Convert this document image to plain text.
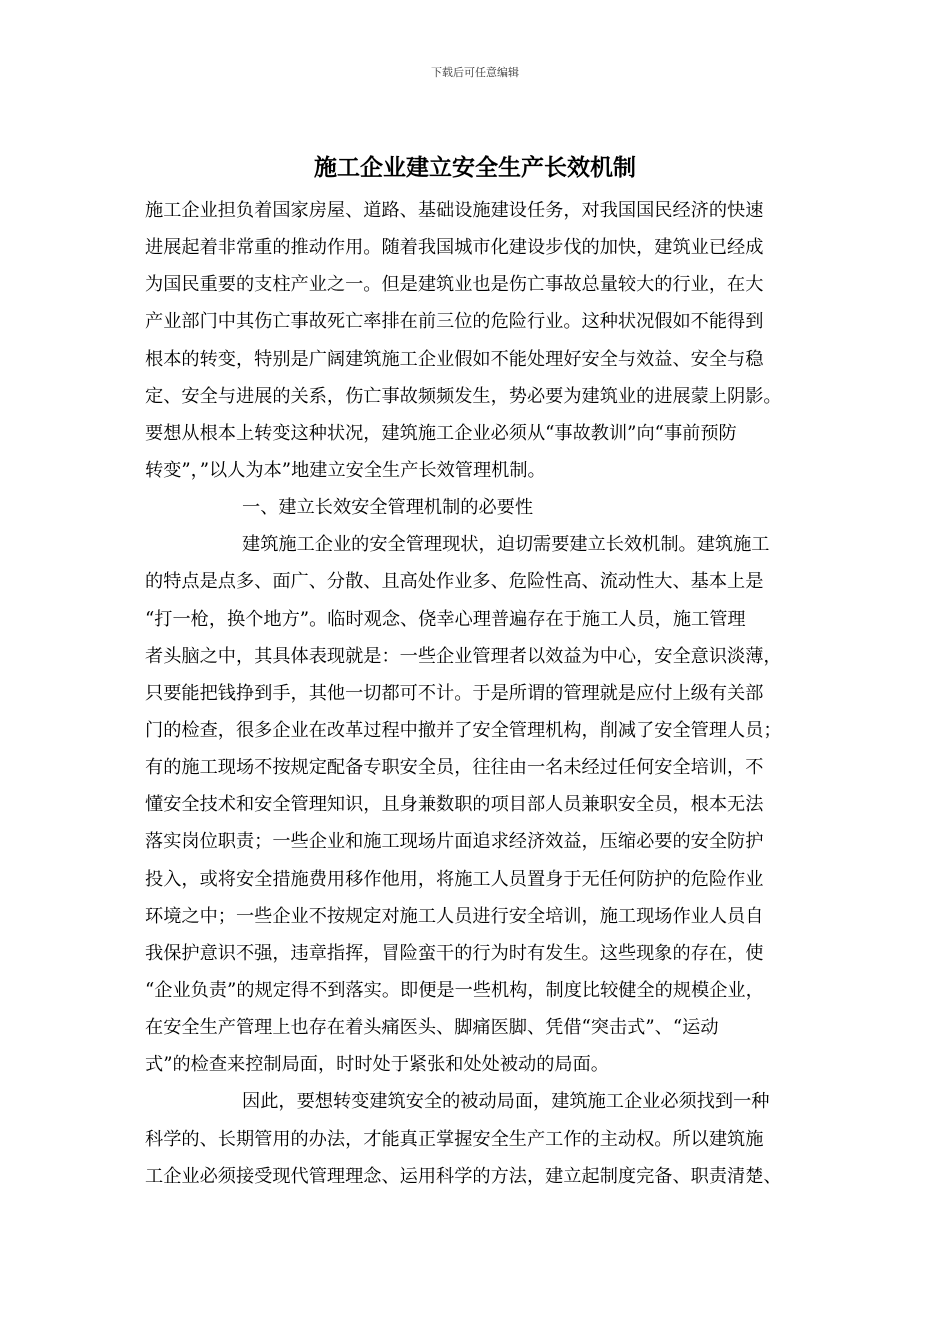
下载后可任意编辑
施工企业建立安全生产长效机制
施工企业担负着国家房屋、道路、基础设施建设任务，对我国国民经济的快速
进展起着非常重的推动作用。随着我国城市化建设步伐的加快，建筑业已经成
为国民重要的支柱产业之一。但是建筑业也是伤亡事故总量较大的行业，在大
产业部门中其伤亡事故死亡率排在前三位的危险行业。这种状况假如不能得到
根本的转变，特别是广阔建筑施工企业假如不能处理好安全与效益、安全与稳
定、安全与进展的关系，伤亡事故频频发生，势必要为建筑业的进展蒙上阴影。
要想从根本上转变这种状况，建筑施工企业必须从“事故教训”向“事前预防
转变”，”以人为本”地建立安全生产长效管理机制。
一、建立长效安全管理机制的必要性
建筑施工企业的安全管理现状，迫切需要建立长效机制。建筑施工
的特点是点多、面广、分散、且高处作业多、危险性高、流动性大、基本上是
“打一枪，换个地方”。临时观念、侥幸心理普遍存在于施工人员，施工管理
者头脑之中，其具体表现就是：一些企业管理者以效益为中心，安全意识淡薄，
只要能把钱挣到手，其他一切都可不计。于是所谓的管理就是应付上级有关部
门的检查，很多企业在改革过程中撤并了安全管理机构，削减了安全管理人员；
有的施工现场不按规定配备专职安全员，往往由一名未经过任何安全培训，不
懂安全技术和安全管理知识，且身兼数职的项目部人员兼职安全员，根本无法
落实岗位职责；一些企业和施工现场片面追求经济效益，压缩必要的安全防护
投入，或将安全措施费用移作他用，将施工人员置身于无任何防护的危险作业
环境之中；一些企业不按规定对施工人员进行安全培训，施工现场作业人员自
我保护意识不强，违章指挥，冒险蛮干的行为时有发生。这些现象的存在，使
“企业负责”的规定得不到落实。即便是一些机构，制度比较健全的规模企业，
在安全生产管理上也存在着头痛医头、脚痛医脚、凭借“突击式”、“运动
式”的检查来控制局面，时时处于紧张和处处被动的局面。
因此，要想转变建筑安全的被动局面，建筑施工企业必须找到一种
科学的、长期管用的办法，才能真正掌握安全生产工作的主动权。所以建筑施
工企业必须接受现代管理理念、运用科学的方法，建立起制度完备、职责清楚、
